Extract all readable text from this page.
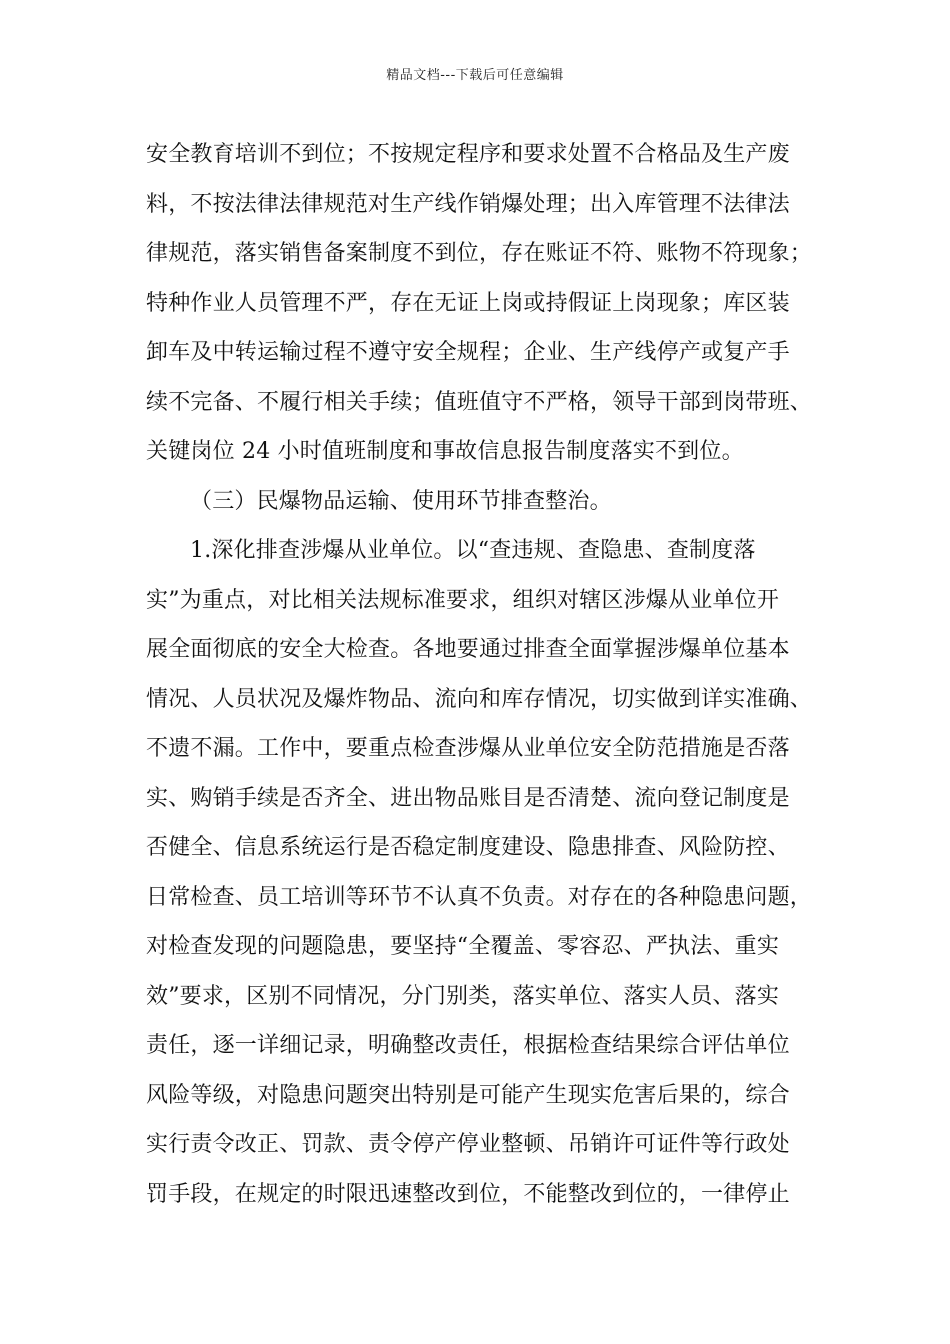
精品文档---下载后可任意编辑
安全教育培训不到位；不按规定程序和要求处置不合格品及生产废
料，不按法律法律规范对生产线作销爆处理；出入库管理不法律法
律规范，落实销售备案制度不到位，存在账证不符、账物不符现象；
特种作业人员管理不严，存在无证上岗或持假证上岗现象；库区装
卸车及中转运输过程不遵守安全规程；企业、生产线停产或复产手
续不完备、不履行相关手续；值班值守不严格，领导干部到岗带班、
关键岗位 24 小时值班制度和事故信息报告制度落实不到位。
（三）民爆物品运输、使用环节排查整治。
1.深化排查涉爆从业单位。以“查违规、查隐患、查制度落
实”为重点，对比相关法规标准要求，组织对辖区涉爆从业单位开
展全面彻底的安全大检查。各地要通过排查全面掌握涉爆单位基本
情况、人员状况及爆炸物品、流向和库存情况，切实做到详实准确、
不遗不漏。工作中，要重点检查涉爆从业单位安全防范措施是否落
实、购销手续是否齐全、进出物品账目是否清楚、流向登记制度是
否健全、信息系统运行是否稳定制度建设、隐患排查、风险防控、
日常检查、员工培训等环节不认真不负责。对存在的各种隐患问题，
对检查发现的问题隐患，要坚持“全覆盖、零容忍、严执法、重实
效”要求，区别不同情况，分门别类，落实单位、落实人员、落实
责任，逐一详细记录，明确整改责任，根据检查结果综合评估单位
风险等级，对隐患问题突出特别是可能产生现实危害后果的，综合
实行责令改正、罚款、责令停产停业整顿、吊销许可证件等行政处
罚手段，在规定的时限迅速整改到位，不能整改到位的，一律停止
